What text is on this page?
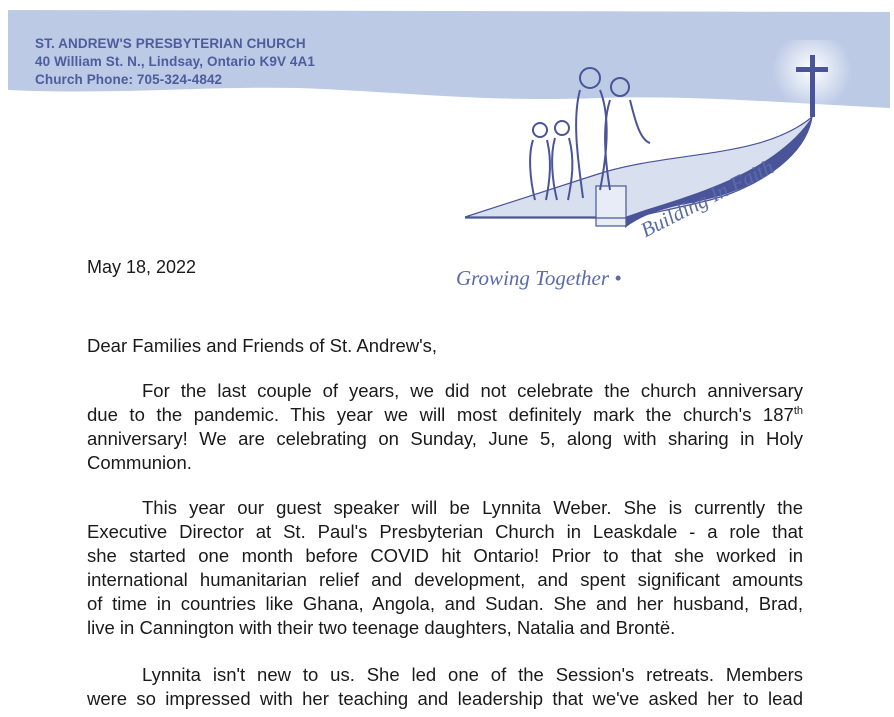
ST. ANDREW'S PRESBYTERIAN CHURCH
40 William St. N., Lindsay, Ontario K9V 4A1
Church Phone: 705-324-4842
Growing Together •
Building In Faith
May 18, 2022
Dear Families and Friends of St. Andrew's,
For the last couple of years, we did not celebrate the church anniversary
due to the pandemic. This year we will most definitely mark the church's 187th
anniversary! We are celebrating on Sunday, June 5, along with sharing in Holy
Communion.
This year our guest speaker will be Lynnita Weber. She is currently the
Executive Director at St. Paul's Presbyterian Church in Leaskdale - a role that
she started one month before COVID hit Ontario! Prior to that she worked in
international humanitarian relief and development, and spent significant amounts
of time in countries like Ghana, Angola, and Sudan. She and her husband, Brad,
live in Cannington with their two teenage daughters, Natalia and Brontë.
Lynnita isn't new to us. She led one of the Session's retreats. Members
were so impressed with her teaching and leadership that we've asked her to lead
